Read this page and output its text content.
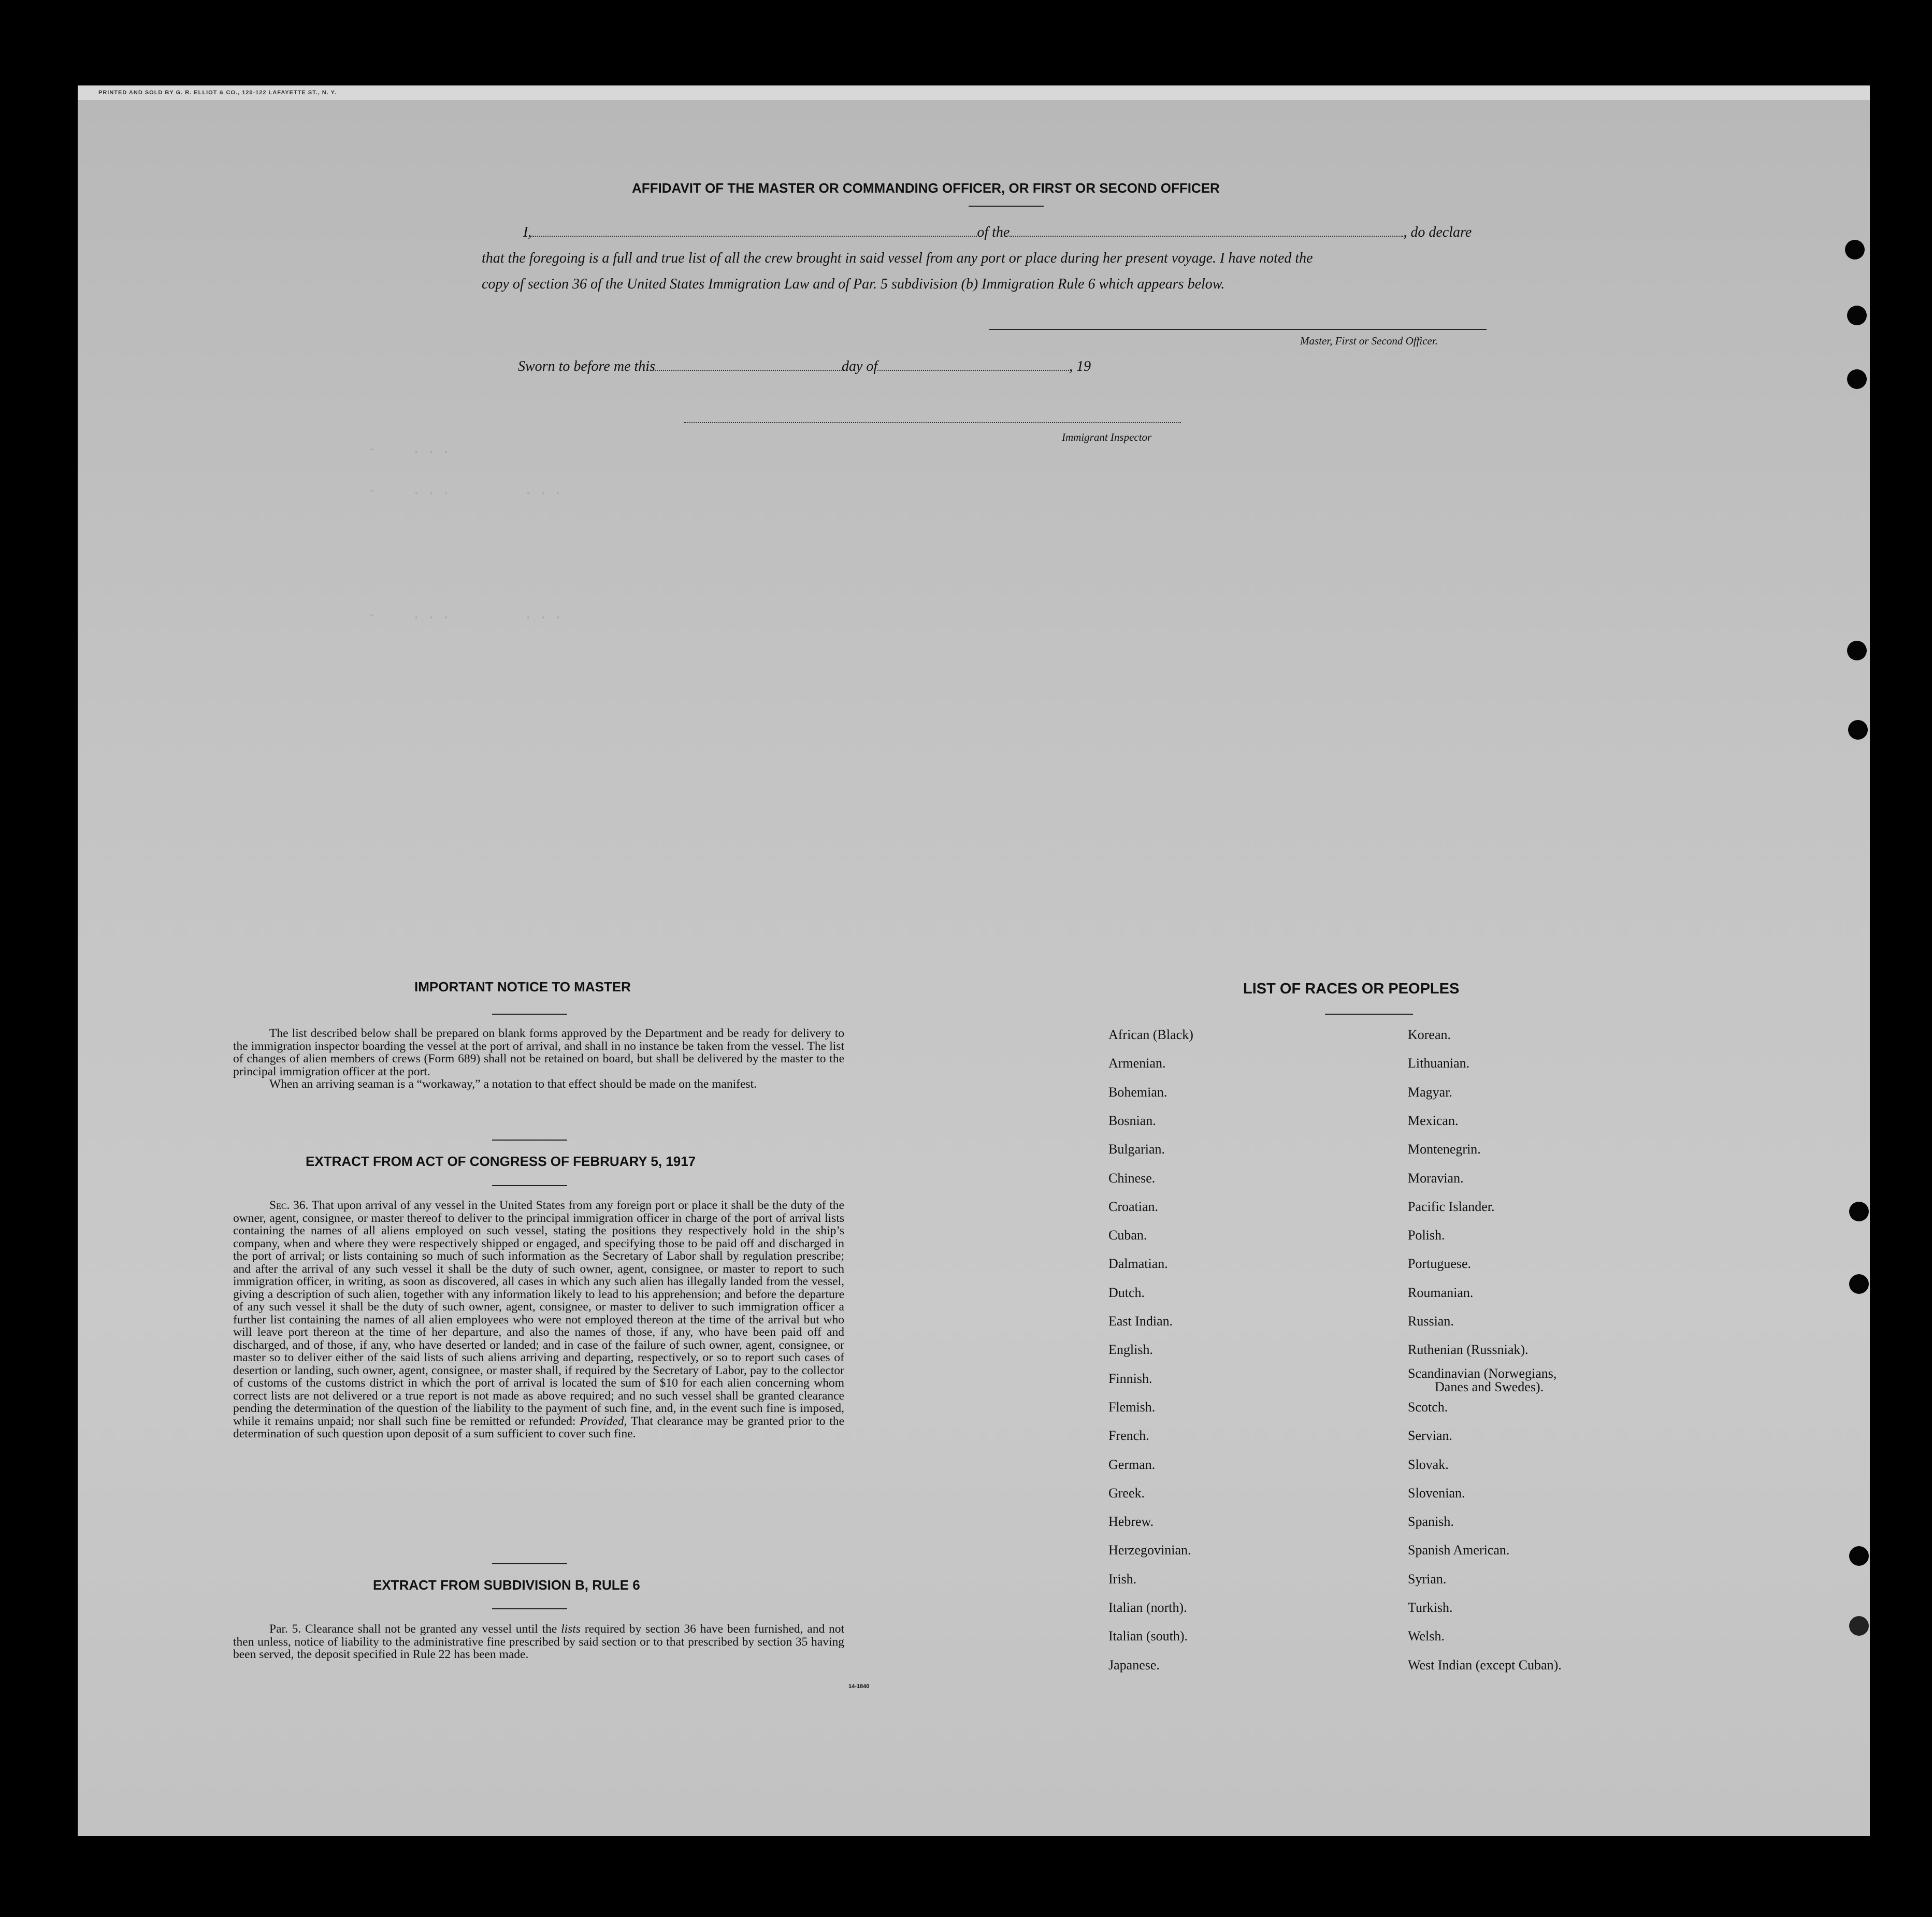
PRINTED AND SOLD BY G. R. ELLIOT & CO., 120-122 LAFAYETTE ST., N. Y.
-     . . .
-     . . .          . . .
-     . . .          . . .
AFFIDAVIT OF THE MASTER OR COMMANDING OFFICER, OR FIRST OR SECOND OFFICER
I,	of the	, do declare
that the foregoing is a full and true list of all the crew brought in said vessel from any port or place during her present voyage. I have noted the
copy of section 36 of the United States Immigration Law and of Par. 5 subdivision (b) Immigration Rule 6 which appears below.
Master, First or Second Officer.
Sworn to before me this	day of	, 19
Immigrant Inspector
IMPORTANT NOTICE TO MASTER

The list described below shall be prepared on blank forms approved by the Department and be ready for delivery to the immigration inspector boarding the vessel at the port of arrival, and shall in no instance be taken from the vessel. The list of changes of alien members of crews (Form 689) shall not be retained on board, but shall be delivered by the master to the principal immigration officer at the port.

When an arriving seaman is a “workaway,” a notation to that effect should be made on the manifest.

EXTRACT FROM ACT OF CONGRESS OF FEBRUARY 5, 1917

Sec. 36. That upon arrival of any vessel in the United States from any foreign port or place it shall be the duty of the owner, agent, consignee, or master thereof to deliver to the principal immigration officer in charge of the port of arrival lists containing the names of all aliens employed on such vessel, stating the positions they respectively hold in the ship’s company, when and where they were respectively shipped or engaged, and specifying those to be paid off and discharged in the port of arrival; or lists containing so much of such information as the Secretary of Labor shall by regulation prescribe; and after the arrival of any such vessel it shall be the duty of such owner, agent, consignee, or master to report to such immigration officer, in writing, as soon as discovered, all cases in which any such alien has illegally landed from the vessel, giving a description of such alien, together with any information likely to lead to his apprehension; and before the departure of any such vessel it shall be the duty of such owner, agent, consignee, or master to deliver to such immigration officer a further list containing the names of all alien employees who were not employed thereon at the time of the arrival but who will leave port thereon at the time of her departure, and also the names of those, if any, who have been paid off and discharged, and of those, if any, who have deserted or landed; and in case of the failure of such owner, agent, consignee, or master so to deliver either of the said lists of such aliens arriving and departing, respectively, or so to report such cases of desertion or landing, such owner, agent, consignee, or master shall, if required by the Secretary of Labor, pay to the collector of customs of the customs district in which the port of arrival is located the sum of $10 for each alien concerning whom correct lists are not delivered or a true report is not made as above required; and no such vessel shall be granted clearance pending the determination of the question of the liability to the payment of such fine, and, in the event such fine is imposed, while it remains unpaid; nor shall such fine be remitted or refunded: Provided, That clearance may be granted prior to the determination of such question upon deposit of a sum sufficient to cover such fine.

EXTRACT FROM SUBDIVISION B, RULE 6

Par. 5. Clearance shall not be granted any vessel until the lists required by section 36 have been furnished, and not then unless, notice of liability to the administrative fine prescribed by said section or to that prescribed by section 35 having been served, the deposit specified in Rule 22 has been made.

14-1840
LIST OF RACES OR PEOPLES
African (Black)
Armenian.
Bohemian.
Bosnian.
Bulgarian.
Chinese.
Croatian.
Cuban.
Dalmatian.
Dutch.
East Indian.
English.
Finnish.
Flemish.
French.
German.
Greek.
Hebrew.
Herzegovinian.
Irish.
Italian (north).
Italian (south).
Japanese.
Korean.
Lithuanian.
Magyar.
Mexican.
Montenegrin.
Moravian.
Pacific Islander.
Polish.
Portuguese.
Roumanian.
Russian.
Ruthenian (Russniak).
Scandinavian (Norwegians,
Danes and Swedes).
Scotch.
Servian.
Slovak.
Slovenian.
Spanish.
Spanish American.
Syrian.
Turkish.
Welsh.
West Indian (except Cuban).
